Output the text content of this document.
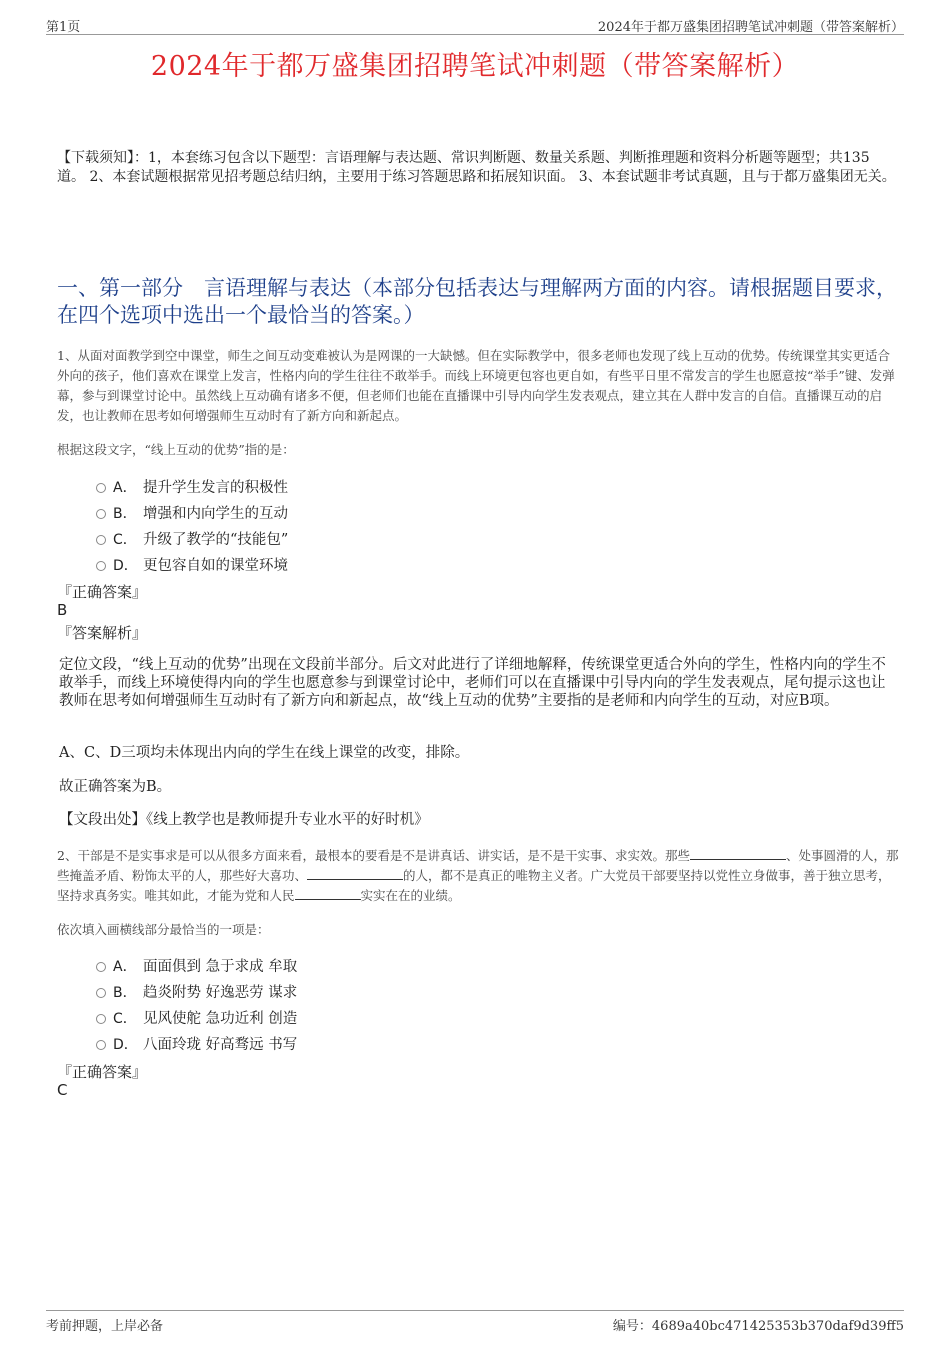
第1页	2024年于都万盛集团招聘笔试冲刺题（带答案解析）
2024年于都万盛集团招聘笔试冲刺题（带答案解析）
【下载须知】：1，本套练习包含以下题型：言语理解与表达题、常识判断题、数量关系题、判断推理题和资料分析题等题型；共135道。 2、本套试题根据常见招考题总结归纳，主要用于练习答题思路和拓展知识面。 3、本套试题非考试真题，且与于都万盛集团无关。
一、第一部分　言语理解与表达（本部分包括表达与理解两方面的内容。请根据题目要求，在四个选项中选出一个最恰当的答案。）
1、从面对面教学到空中课堂，师生之间互动变难被认为是网课的一大缺憾。但在实际教学中，很多老师也发现了线上互动的优势。传统课堂其实更适合外向的孩子，他们喜欢在课堂上发言，性格内向的学生往往不敢举手。而线上环境更包容也更自如，有些平日里不常发言的学生也愿意按“举手”键、发弹幕，参与到课堂讨论中。虽然线上互动确有诸多不便，但老师们也能在直播课中引导内向学生发表观点，建立其在人群中发言的自信。直播课互动的启发，也让教师在思考如何增强师生互动时有了新方向和新起点。
根据这段文字，“线上互动的优势”指的是：
A． 提升学生发言的积极性
B． 增强和内向学生的互动
C． 升级了教学的“技能包”
D． 更包容自如的课堂环境
『正确答案』
B
『答案解析』
定位文段，“线上互动的优势”出现在文段前半部分。后文对此进行了详细地解释，传统课堂更适合外向的学生，性格内向的学生不敢举手，而线上环境使得内向的学生也愿意参与到课堂讨论中，老师们可以在直播课中引导内向的学生发表观点，尾句提示这也让教师在思考如何增强师生互动时有了新方向和新起点，故“线上互动的优势”主要指的是老师和内向学生的互动，对应B项。
A、C、D三项均未体现出内向的学生在线上课堂的改变，排除。
故正确答案为B。
【文段出处】《线上教学也是教师提升专业水平的好时机》
2、干部是不是实事求是可以从很多方面来看，最根本的要看是不是讲真话、讲实话，是不是干实事、求实效。那些	、处事圆滑的人，那些掩盖矛盾、粉饰太平的人，那些好大喜功、	的人，都不是真正的唯物主义者。广大党员干部要坚持以党性立身做事，善于独立思考，坚持求真务实。唯其如此，才能为党和人民	实实在在的业绩。
依次填入画横线部分最恰当的一项是：
A． 面面俱到 急于求成 牟取
B． 趋炎附势 好逸恶劳 谋求
C． 见风使舵 急功近利 创造
D． 八面玲珑 好高骛远 书写
『正确答案』
C
考前押题，上岸必备	编号：4689a40bc471425353b370daf9d39ff5
